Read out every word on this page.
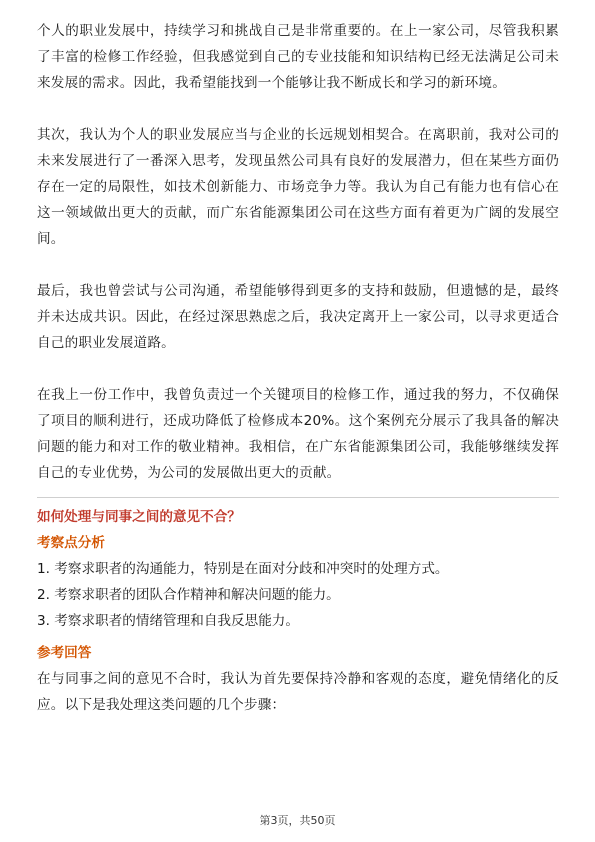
个人的职业发展中，持续学习和挑战自己是非常重要的。在上一家公司，尽管我积累了丰富的检修工作经验，但我感觉到自己的专业技能和知识结构已经无法满足公司未来发展的需求。因此，我希望能找到一个能够让我不断成长和学习的新环境。

其次，我认为个人的职业发展应当与企业的长远规划相契合。在离职前，我对公司的未来发展进行了一番深入思考，发现虽然公司具有良好的发展潜力，但在某些方面仍存在一定的局限性，如技术创新能力、市场竞争力等。我认为自己有能力也有信心在这一领域做出更大的贡献，而广东省能源集团公司在这些方面有着更为广阔的发展空间。

最后，我也曾尝试与公司沟通，希望能够得到更多的支持和鼓励，但遗憾的是，最终并未达成共识。因此，在经过深思熟虑之后，我决定离开上一家公司，以寻求更适合自己的职业发展道路。

在我上一份工作中，我曾负责过一个关键项目的检修工作，通过我的努力，不仅确保了项目的顺利进行，还成功降低了检修成本20%。这个案例充分展示了我具备的解决问题的能力和对工作的敬业精神。我相信，在广东省能源集团公司，我能够继续发挥自己的专业优势，为公司的发展做出更大的贡献。

如何处理与同事之间的意见不合？
考察点分析
1. 考察求职者的沟通能力，特别是在面对分歧和冲突时的处理方式。
2. 考察求职者的团队合作精神和解决问题的能力。
3. 考察求职者的情绪管理和自我反思能力。
参考回答

在与同事之间的意见不合时，我认为首先要保持冷静和客观的态度，避免情绪化的反应。以下是我处理这类问题的几个步骤：

第3页，共50页
